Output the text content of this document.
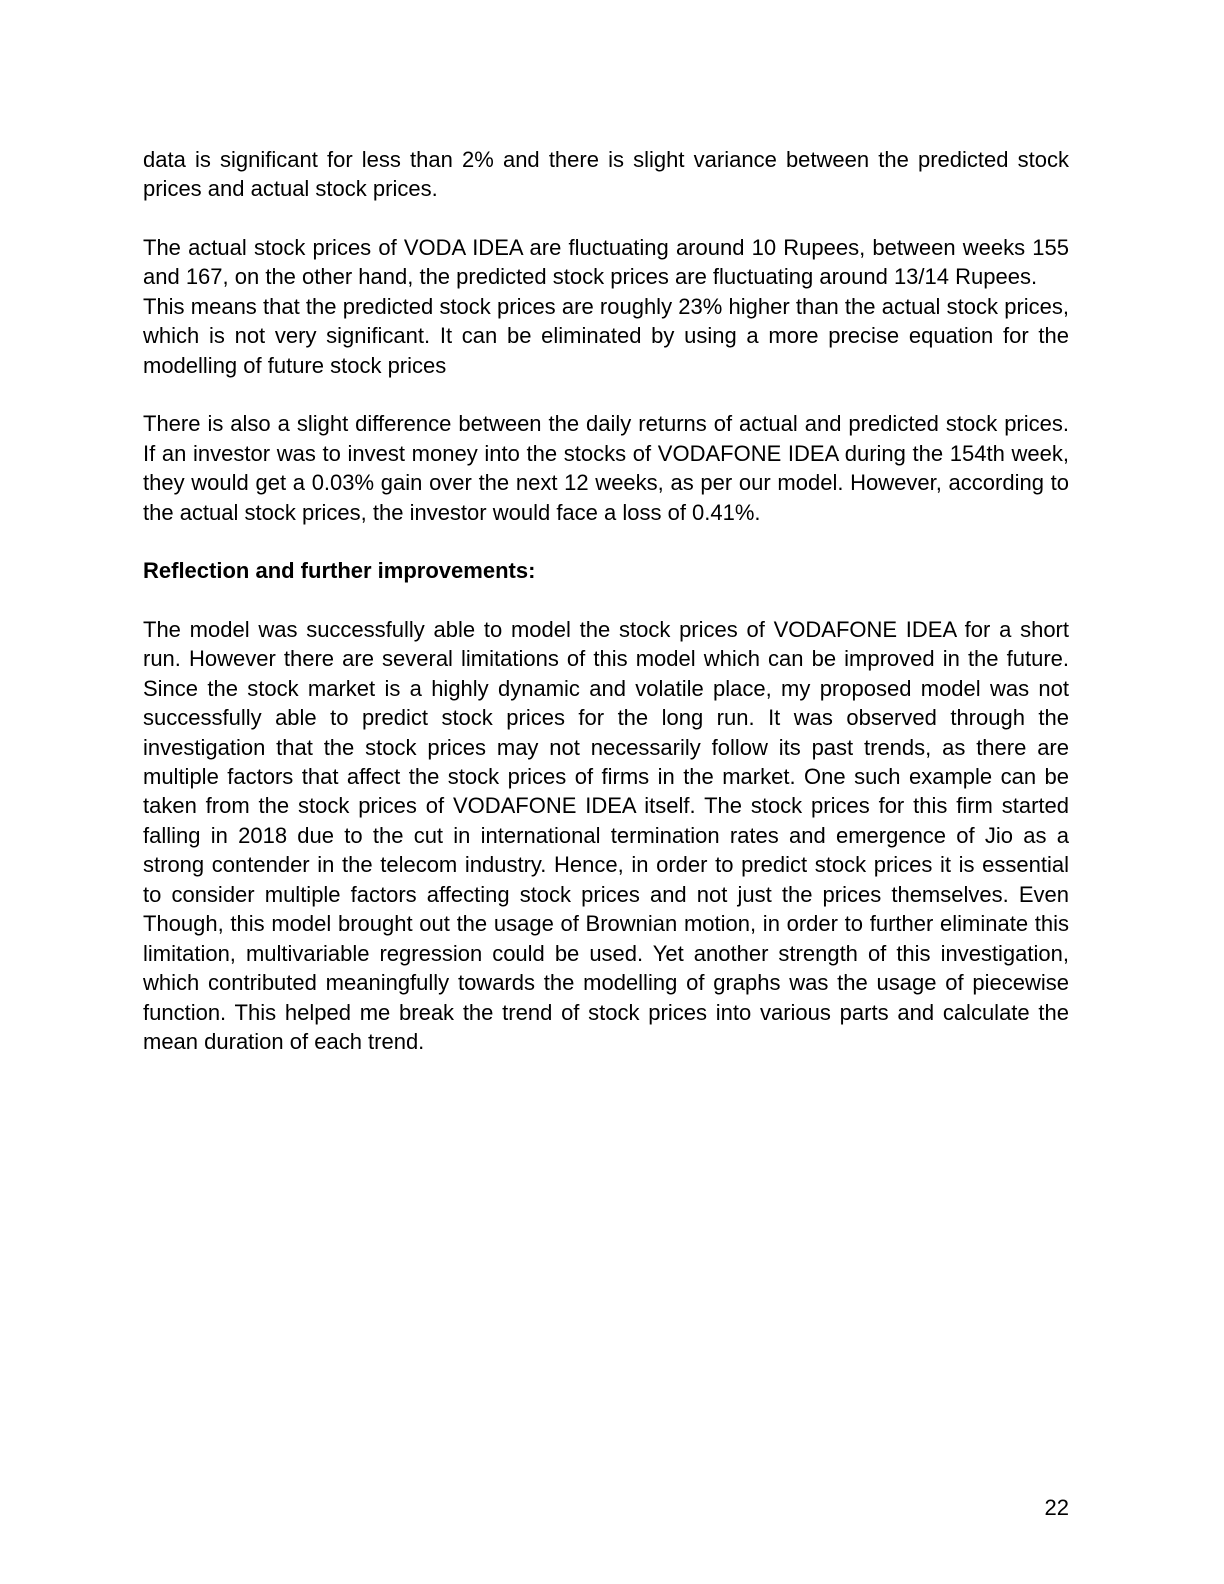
data is significant for less than 2% and there is slight variance between the predicted stock prices and actual stock prices.

The actual stock prices of VODA IDEA are fluctuating around 10 Rupees, between weeks 155 and 167, on the other hand, the predicted stock prices are fluctuating around 13/14 Rupees.

This means that the predicted stock prices are roughly 23% higher than the actual stock prices, which is not very significant. It can be eliminated by using a more precise equation for the modelling of future stock prices

There is also a slight difference between the daily returns of actual and predicted stock prices. If an investor was to invest money into the stocks of VODAFONE IDEA during the 154th week, they would get a 0.03% gain over the next 12 weeks, as per our model. However, according to the actual stock prices, the investor would face a loss of 0.41%.

Reflection and further improvements:

The model was successfully able to model the stock prices of VODAFONE IDEA for a short run. However there are several limitations of this model which can be improved in the future. Since the stock market is a highly dynamic and volatile place, my proposed model was not successfully able to predict stock prices for the long run. It was observed through the investigation that the stock prices may not necessarily follow its past trends, as there are multiple factors that affect the stock prices of firms in the market. One such example can be taken from the stock prices of VODAFONE IDEA itself. The stock prices for this firm started falling in 2018 due to the cut in international termination rates and emergence of Jio as a strong contender in the telecom industry. Hence, in order to predict stock prices it is essential to consider multiple factors affecting stock prices and not just the prices themselves. Even Though, this model brought out the usage of Brownian motion, in order to further eliminate this limitation, multivariable regression could be used. Yet another strength of this investigation, which contributed meaningfully towards the modelling of graphs was the usage of piecewise function. This helped me break the trend of stock prices into various parts and calculate the mean duration of each trend.

22
